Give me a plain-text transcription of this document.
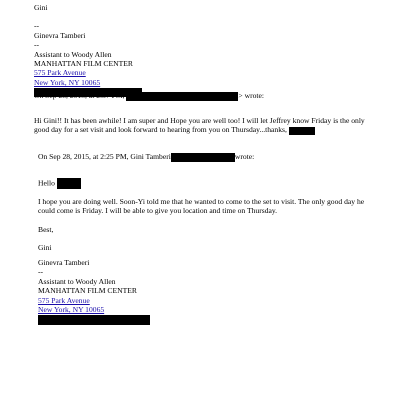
Gini
--
Ginevra Tamberi
--
Assistant to Woody Allen
MANHATTAN FILM CENTER
575 Park Avenue
New York, NY 10065
On Sep 28, 2015, at 2:37 PM,	> wrote:

Hi Gini!! It has been awhile! I am super and Hope you are well too! I will let Jeffrey know Friday is the only good day for a set visit and look forward to hearing from you on Thursday...thanks,

On Sep 28, 2015, at 2:25 PM, Gini Tamberi	wrote:

Hello

I hope you are doing well. Soon-Yi told me that he wanted to come to the set to visit. The only good day he could come is Friday. I will be able to give you location and time on Thursday.

Best,

Gini

Ginevra Tamberi
--
Assistant to Woody Allen
MANHATTAN FILM CENTER
575 Park Avenue
New York, NY 10065
